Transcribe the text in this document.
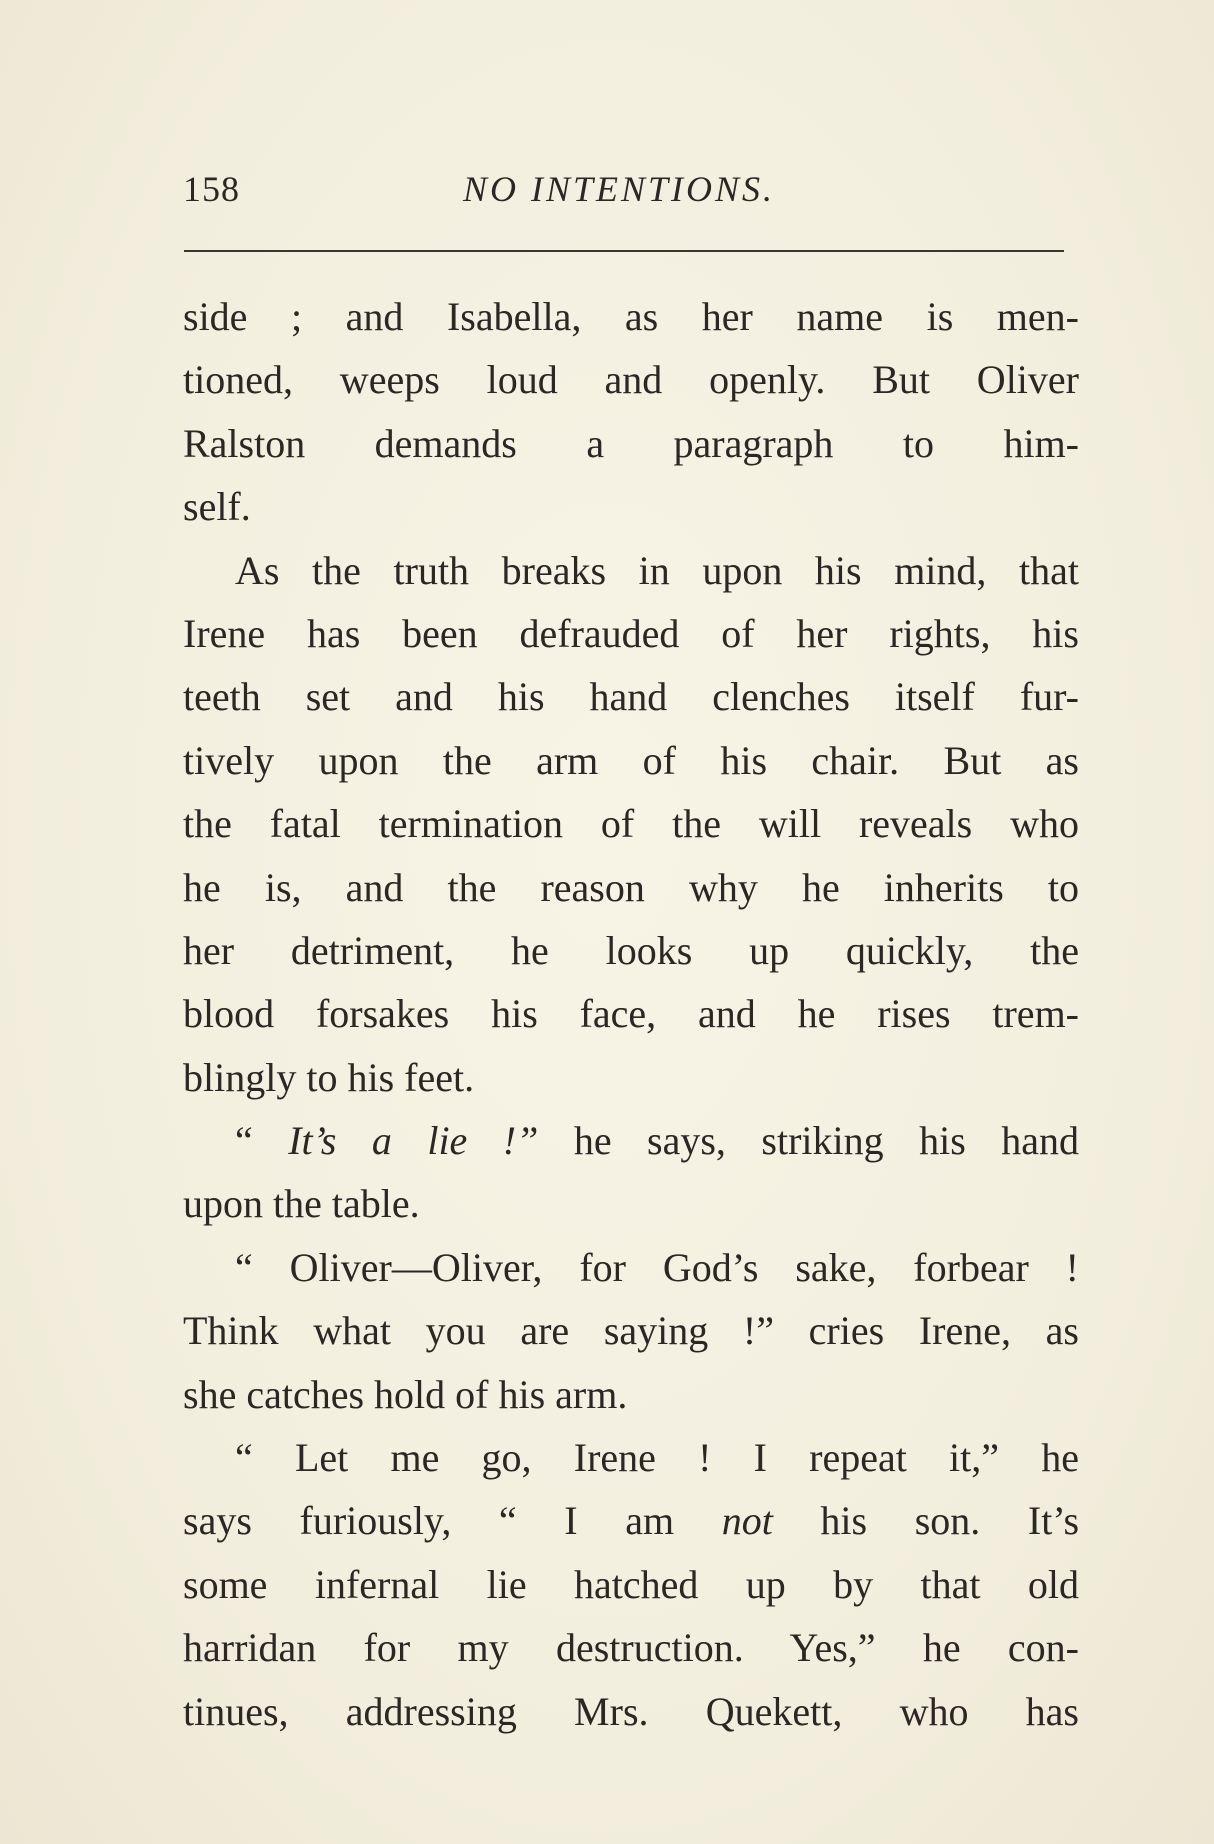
158	NO INTENTIONS.
side ; and Isabella, as her name is men-
tioned, weeps loud and openly. But Oliver
Ralston demands a paragraph to him-
self.
As the truth breaks in upon his mind, that
Irene has been defrauded of her rights, his
teeth set and his hand clenches itself fur-
tively upon the arm of his chair. But as
the fatal termination of the will reveals who
he is, and the reason why he inherits to
her detriment, he looks up quickly, the
blood forsakes his face, and he rises trem-
blingly to his feet.
“ It’s a lie !” he says, striking his hand
upon the table.
“ Oliver—Oliver, for God’s sake, forbear !
Think what you are saying !” cries Irene, as
she catches hold of his arm.
“ Let me go, Irene ! I repeat it,” he
says furiously, “ I am not his son. It’s
some infernal lie hatched up by that old
harridan for my destruction. Yes,” he con-
tinues, addressing Mrs. Quekett, who has
